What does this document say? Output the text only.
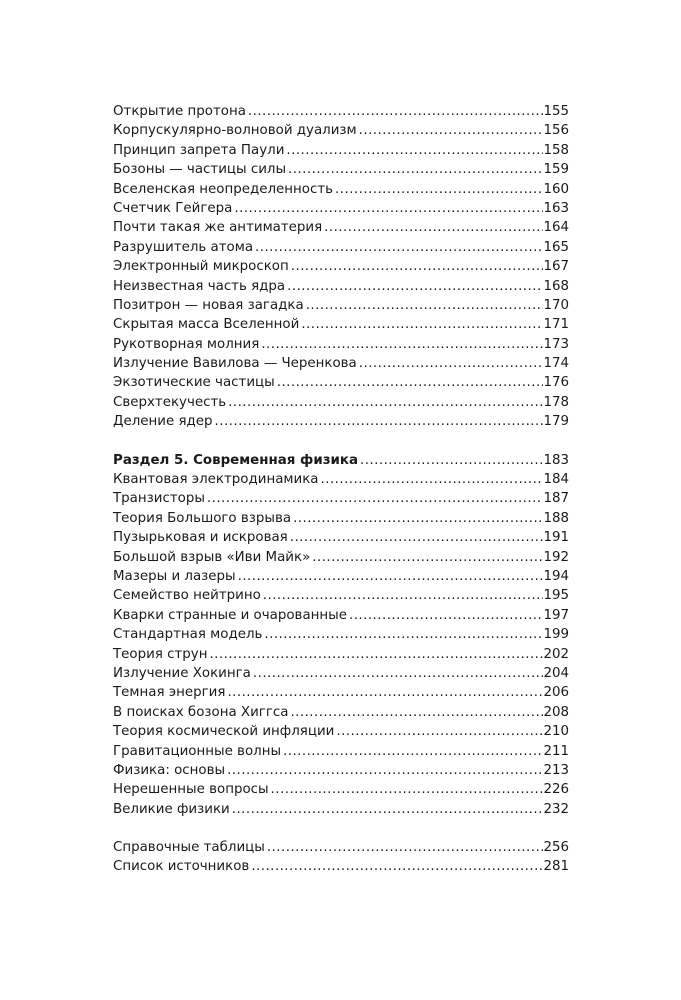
Открытие протона . . .	155
Корпускулярно-волновой дуализм . . .	156
Принцип запрета Паули . . .	158
Бозоны — частицы силы . . .	159
Вселенская неопределенность . . .	160
Счетчик Гейгера . . .	163
Почти такая же антиматерия . . .	164
Разрушитель атома . . .	165
Электронный микроскоп . . .	167
Неизвестная часть ядра . . .	168
Позитрон — новая загадка . . .	170
Скрытая масса Вселенной . . .	171
Рукотворная молния . . .	173
Излучение Вавилова — Черенкова . . .	174
Экзотические частицы . . .	176
Сверхтекучесть . . .	178
Деление ядер . . .	179
Раздел 5. Современная физика . . .	183
Квантовая электродинамика . . .	184
Транзисторы . . .	187
Теория Большого взрыва . . .	188
Пузырьковая и искровая . . .	191
Большой взрыв «Иви Майк» . . .	192
Мазеры и лазеры . . .	194
Семейство нейтрино . . .	195
Кварки странные и очарованные . . .	197
Стандартная модель . . .	199
Теория струн . . .	202
Излучение Хокинга . . .	204
Темная энергия . . .	206
В поисках бозона Хиггса . . .	208
Теория космической инфляции . . .	210
Гравитационные волны . . .	211
Физика: основы . . .	213
Нерешенные вопросы . . .	226
Великие физики . . .	232
Справочные таблицы . . .	256
Список источников . . .	281
